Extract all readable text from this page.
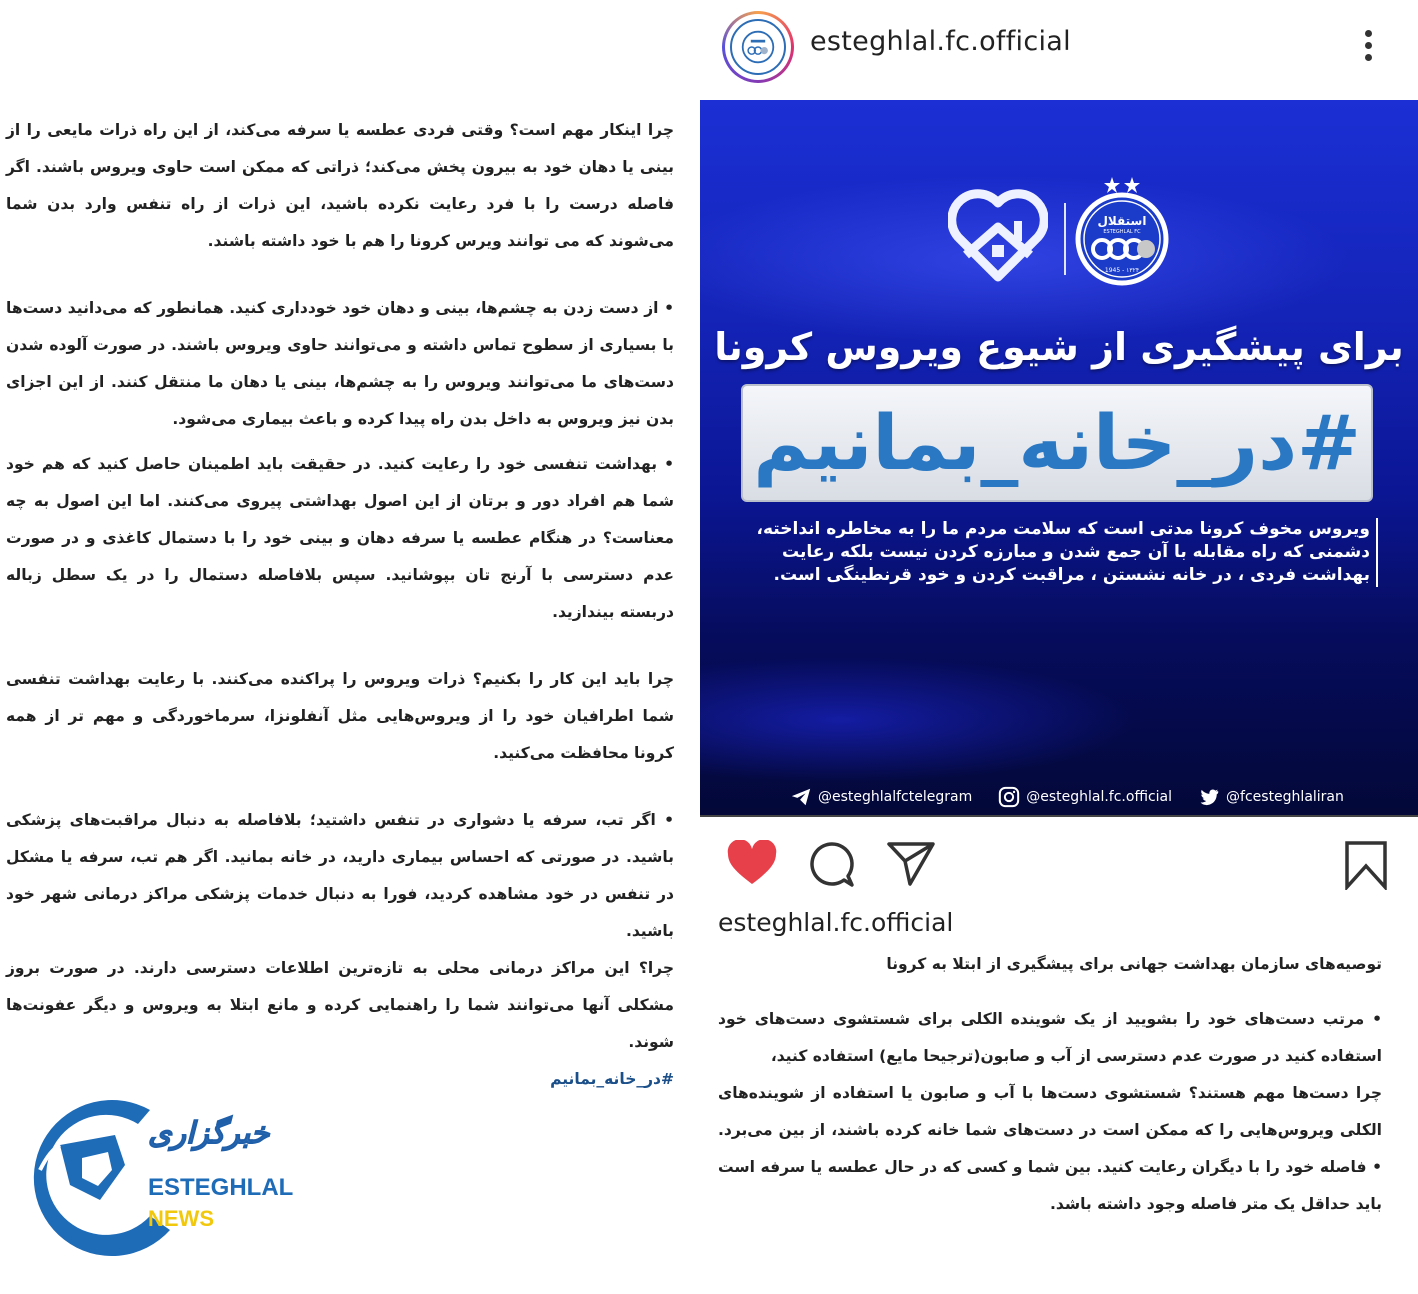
چرا اینکار مهم است؟ وقتی فردی عطسه یا سرفه می‌کند، از این راه ذرات مایعی را از بینی یا دهان خود به بیرون پخش می‌کند؛ ذراتی که ممکن است حاوی ویروس باشند. اگر فاصله درست را با فرد رعایت نکرده باشید، این ذرات از راه تنفس وارد بدن شما می‌شوند که می توانند ویرس کرونا را هم با خود داشته باشند.

• از دست زدن به چشم‌ها، بینی و دهان خود خودداری کنید. همانطور که می‌دانید دست‌ها با بسیاری از سطوح تماس داشته و می‌توانند حاوی ویروس باشند. در صورت آلوده شدن دست‌های ما می‌توانند ویروس را به چشم‌ها، بینی یا دهان ما منتقل کنند. از این اجزای بدن نیز ویروس به داخل بدن راه پیدا کرده و باعث بیماری می‌شود.

• بهداشت تنفسی خود را رعایت کنید. در حقیقت باید اطمینان حاصل کنید که هم خود شما هم افراد دور و برتان از این اصول بهداشتی پیروی می‌کنند. اما این اصول به چه معناست؟ در هنگام عطسه یا سرفه دهان و بینی خود را با دستمال کاغذی و در صورت عدم دسترسی با آرنج تان بپوشانید. سپس بلافاصله دستمال را در یک سطل زباله دربسته بیندازید.

چرا باید این کار را بکنیم؟ ذرات ویروس را پراکنده می‌کنند. با رعایت بهداشت تنفسی شما اطرافیان خود را از ویروس‌هایی مثل آنفلونزا، سرماخوردگی و مهم تر از همه کرونا محافظت می‌کنید.

• اگر تب، سرفه یا دشواری در تنفس داشتید؛ بلافاصله به دنبال مراقبت‌های پزشکی باشید. در صورتی که احساس بیماری دارید، در خانه بمانید. اگر هم تب، سرفه یا مشکل در تنفس در خود مشاهده کردید، فورا به دنبال خدمات پزشکی مراکز درمانی شهر خود باشید.

چرا؟ این مراکز درمانی محلی به تازه‌ترین اطلاعات دسترسی دارند. در صورت بروز مشکلی آنها می‌توانند شما را راهنمایی کرده و مانع ابتلا به ویروس و دیگر عفونت‌ها شوند.

#در_خانه_بمانیم

خبرگزاری
ESTEGHLAL
NEWS
esteghlal.fc.official
استقلال
ESTEGHLAL FC
1945 - ۱۳۲۴
برای پیشگیری از شیوع ویروس کرونا
#در_خانه_بمانیم
ویروس مخوف کرونا مدتی است که سلامت مردم ما را به مخاطره انداخته،
دشمنی که راه مقابله با آن جمع شدن و مبارزه کردن نیست بلکه رعایت
بهداشت فردی ، در خانه نشستن ، مراقبت کردن و خود قرنطینگی است.
@esteghlalfctelegram	@esteghlal.fc.official	@fcesteghlaliran
esteghlal.fc.official

توصیه‌های سازمان بهداشت جهانی برای پیشگیری از ابتلا به کرونا

• مرتب دست‌های خود را بشویید از یک شوینده الکلی برای شستشوی دست‌های خود استفاده کنید در صورت عدم دسترسی از آب و صابون(ترجیحا مایع) استفاده کنید،

چرا دست‌ها مهم هستند؟ شستشوی دست‌ها با آب و صابون یا استفاده از شوینده‌های الکلی ویروس‌هایی را که ممکن است در دست‌های شما خانه کرده باشند، از بین می‌برد. • فاصله خود را با دیگران رعایت کنید. بین شما و کسی که در حال عطسه یا سرفه است باید حداقل یک متر فاصله وجود داشته باشد.
